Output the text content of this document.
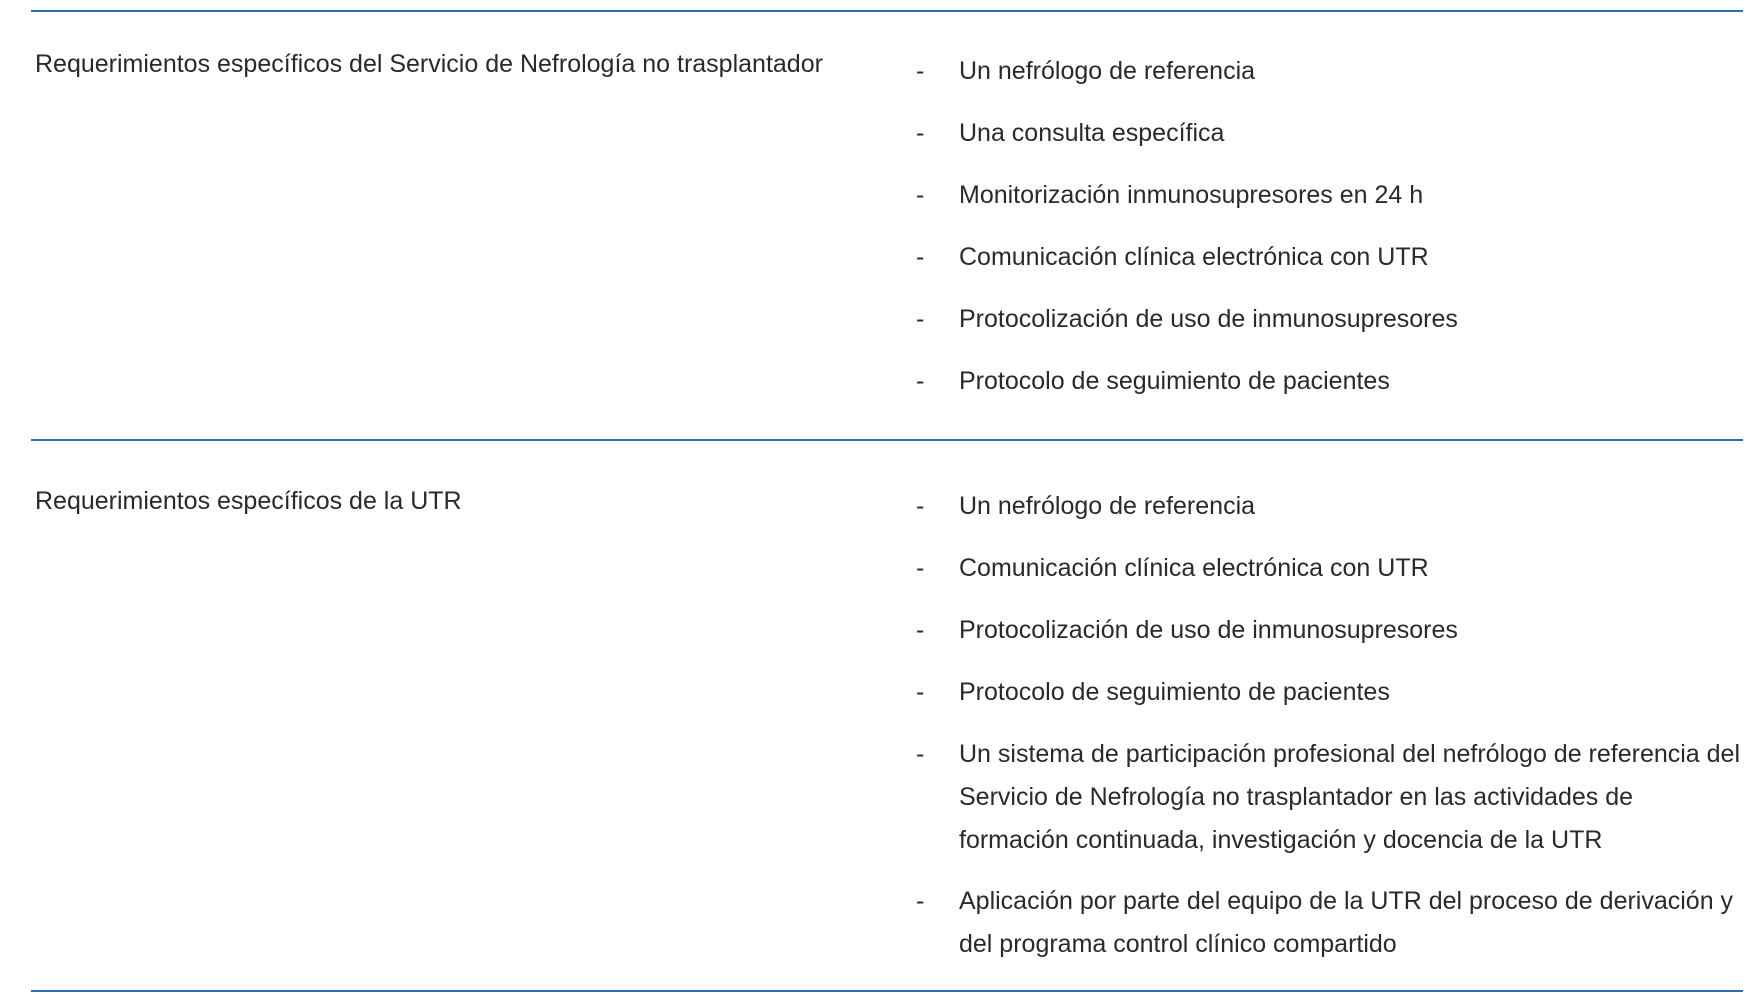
Requerimientos específicos del Servicio de Nefrología no trasplantador	-	Un nefrólogo de referencia
-	Una consulta específica
-	Monitorización inmunosupresores en 24 h
-	Comunicación clínica electrónica con UTR
-	Protocolización de uso de inmunosupresores
-	Protocolo de seguimiento de pacientes
Requerimientos específicos de la UTR	-	Un nefrólogo de referencia
-	Comunicación clínica electrónica con UTR
-	Protocolización de uso de inmunosupresores
-	Protocolo de seguimiento de pacientes
-	Un sistema de participación profesional del nefrólogo de referencia del Servicio de Nefrología no trasplantador en las actividades de formación continuada, investigación y docencia de la UTR
-	Aplicación por parte del equipo de la UTR del proceso de derivación y del programa control clínico compartido
